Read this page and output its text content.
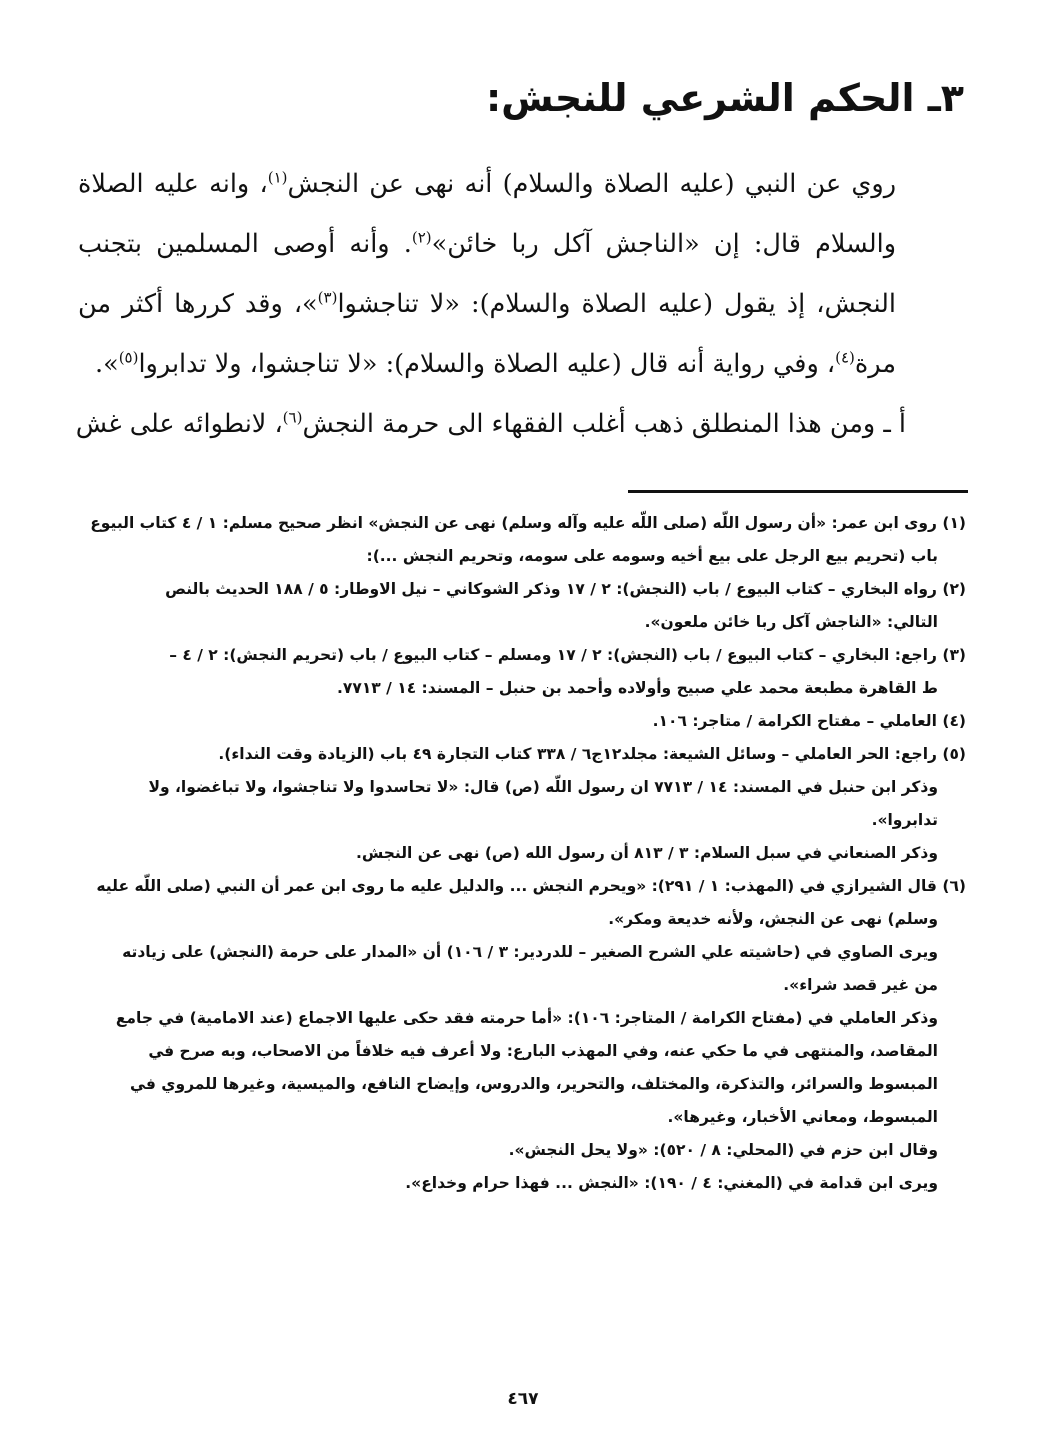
٣ـ الحكم الشرعي للنجش:

روي عن النبي (عليه الصلاة والسلام) أنه نهى عن النجش$^{(١)}$، وانه عليه الصلاة والسلام قال: إن «الناجش آكل ربا خائن»$^{(٢)}$. وأنه أوصى المسلمين بتجنب النجش، إذ يقول (عليه الصلاة والسلام): «لا تناجشوا$^{(٣)}$»، وقد كررها أكثر من مرة$^{(٤)}$، وفي رواية أنه قال (عليه الصلاة والسلام): «لا تناجشوا، ولا تدابروا$^{(٥)}$».

أ ـ ومن هذا المنطلق ذهب أغلب الفقهاء الى حرمة النجش$^{(٦)}$، لانطوائه على غش

(١) روى ابن عمر: «أن رسول اللّه (صلى اللّه عليه وآله وسلم) نهى عن النجش» انظر صحيح مسلم: ١ / ٤ كتاب البيوع
باب (تحريم بيع الرجل على بيع أخيه وسومه على سومه، وتحريم النجش ...):
(٢) رواه البخاري – كتاب البيوع / باب (النجش): ٢ / ١٧ وذكر الشوكاني – نيل الاوطار: ٥ / ١٨٨ الحديث بالنص
التالي: «الناجش آكل ربا خائن ملعون».
(٣) راجع: البخاري – كتاب البيوع / باب (النجش): ٢ / ١٧ ومسلم – كتاب البيوع / باب (تحريم النجش): ٢ / ٤ –
ط القاهرة مطبعة محمد علي صبيح وأولاده وأحمد بن حنبل – المسند: ١٤ / ٧٧١٣.
(٤) العاملي – مفتاح الكرامة / متاجر: ١٠٦.
(٥) راجع: الحر العاملي – وسائل الشيعة: مجلد١٢ج٦ / ٣٣٨ كتاب التجارة ٤٩ باب (الزيادة وقت النداء).
وذكر ابن حنبل في المسند: ١٤ / ٧٧١٣ ان رسول اللّه (ص) قال: «لا تحاسدوا ولا تناجشوا، ولا تباغضوا، ولا
تدابروا».
وذكر الصنعاني في سبل السلام: ٣ / ٨١٣ أن رسول الله (ص) نهى عن النجش.
(٦) قال الشيرازي في (المهذب: ١ / ٢٩١): «ويحرم النجش ... والدليل عليه ما روى ابن عمر أن النبي (صلى اللّه عليه
وسلم) نهى عن النجش، ولأنه خديعة ومكر».
ويرى الصاوي في (حاشيته علي الشرح الصغير – للدردير: ٣ / ١٠٦) أن «المدار على حرمة (النجش) على زيادته
من غير قصد شراء».
وذكر العاملي في (مفتاح الكرامة / المتاجر: ١٠٦): «أما حرمته فقد حكى عليها الاجماع (عند الامامية) في جامع
المقاصد، والمنتهى في ما حكي عنه، وفي المهذب البارع: ولا أعرف فيه خلافاً من الاصحاب، وبه صرح في
المبسوط والسرائر، والتذكرة، والمختلف، والتحرير، والدروس، وإيضاح النافع، والميسية، وغيرها للمروي في
المبسوط، ومعاني الأخبار، وغيرها».
وقال ابن حزم في (المحلي: ٨ / ٥٢٠): «ولا يحل النجش».
ويرى ابن قدامة في (المغني: ٤ / ١٩٠): «النجش ... فهذا حرام وخداع».
٤٦٧
